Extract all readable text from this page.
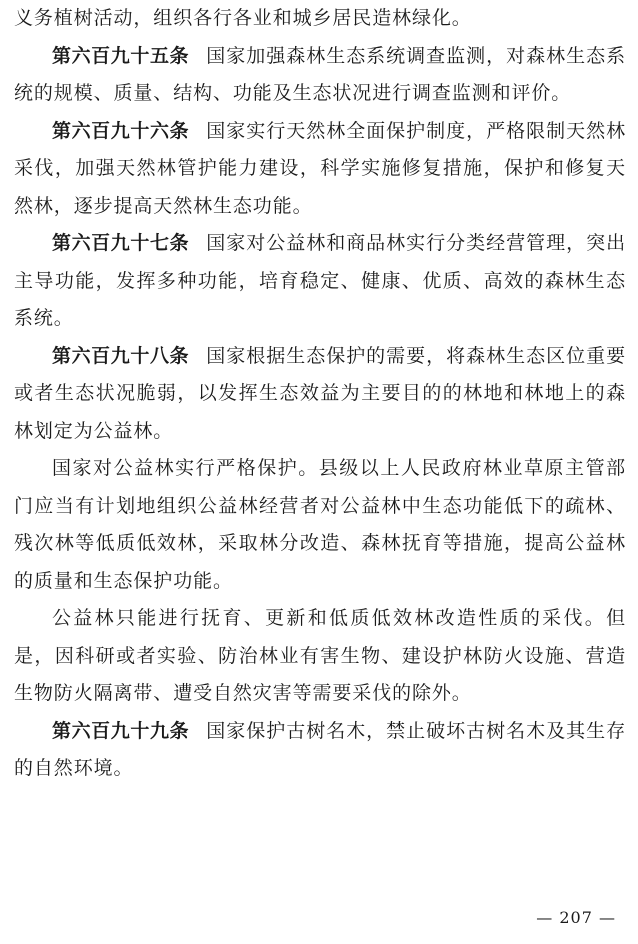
义务植树活动，组织各行各业和城乡居民造林绿化。

第六百九十五条 国家加强森林生态系统调查监测，对森林生态系统的规模、质量、结构、功能及生态状况进行调查监测和评价。

第六百九十六条 国家实行天然林全面保护制度，严格限制天然林采伐，加强天然林管护能力建设，科学实施修复措施，保护和修复天然林，逐步提高天然林生态功能。

第六百九十七条 国家对公益林和商品林实行分类经营管理，突出主导功能，发挥多种功能，培育稳定、健康、优质、高效的森林生态系统。

第六百九十八条 国家根据生态保护的需要，将森林生态区位重要或者生态状况脆弱，以发挥生态效益为主要目的的林地和林地上的森林划定为公益林。

国家对公益林实行严格保护。县级以上人民政府林业草原主管部门应当有计划地组织公益林经营者对公益林中生态功能低下的疏林、残次林等低质低效林，采取林分改造、森林抚育等措施，提高公益林的质量和生态保护功能。

公益林只能进行抚育、更新和低质低效林改造性质的采伐。但是，因科研或者实验、防治林业有害生物、建设护林防火设施、营造生物防火隔离带、遭受自然灾害等需要采伐的除外。

第六百九十九条 国家保护古树名木，禁止破坏古树名木及其生存的自然环境。

— 207 —
